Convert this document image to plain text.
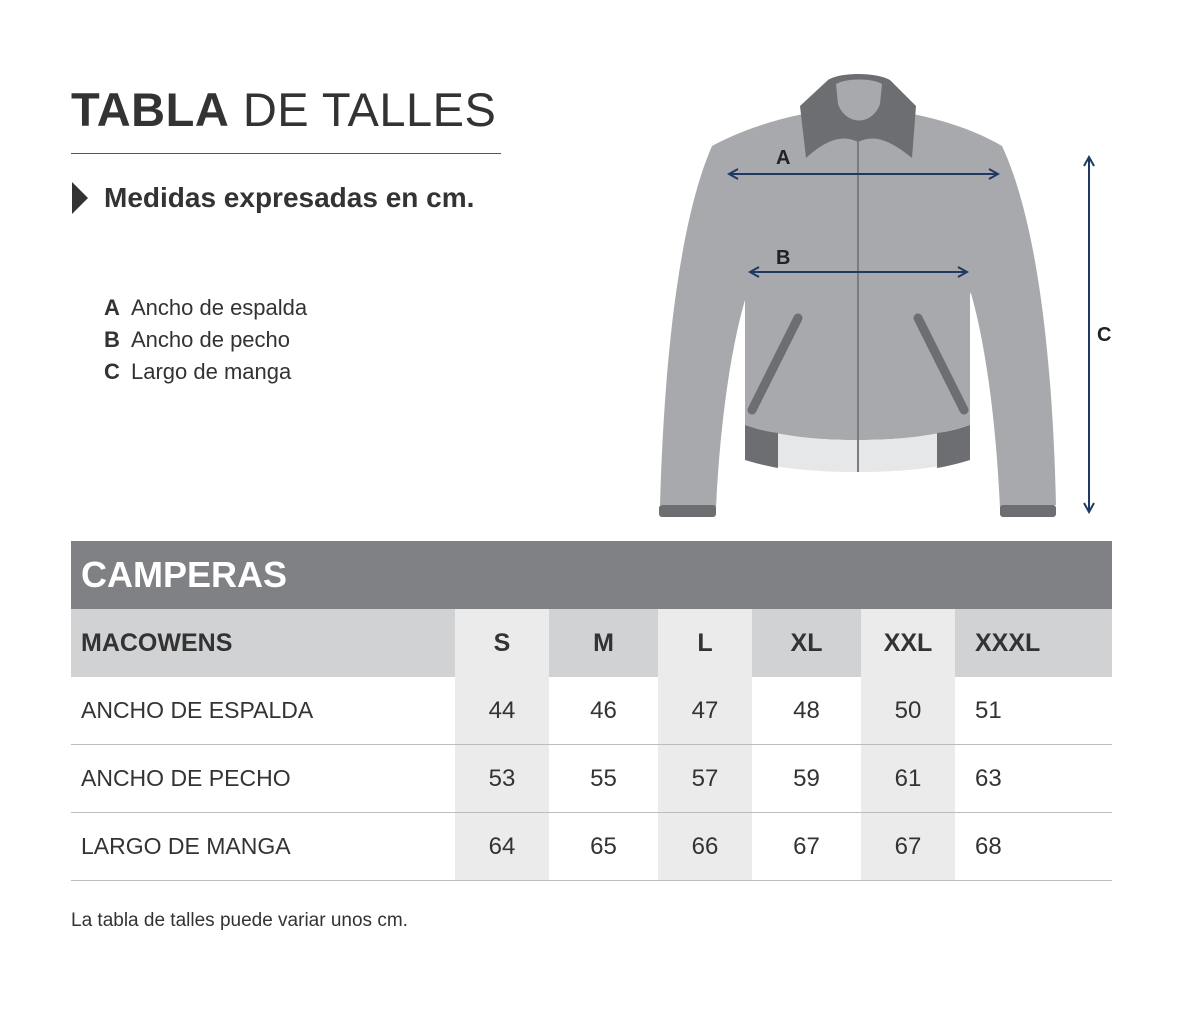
TABLA DE TALLES
Medidas expresadas en cm.
A Ancho de espalda
B Ancho de pecho
C Largo de manga
A
B
C
CAMPERAS
MACOWENS	S	M	L	XL	XXL	XXXL
ANCHO DE ESPALDA	44	46	47	48	50	51
ANCHO DE PECHO	53	55	57	59	61	63
LARGO DE MANGA	64	65	66	67	67	68
La tabla de talles puede variar unos cm.
